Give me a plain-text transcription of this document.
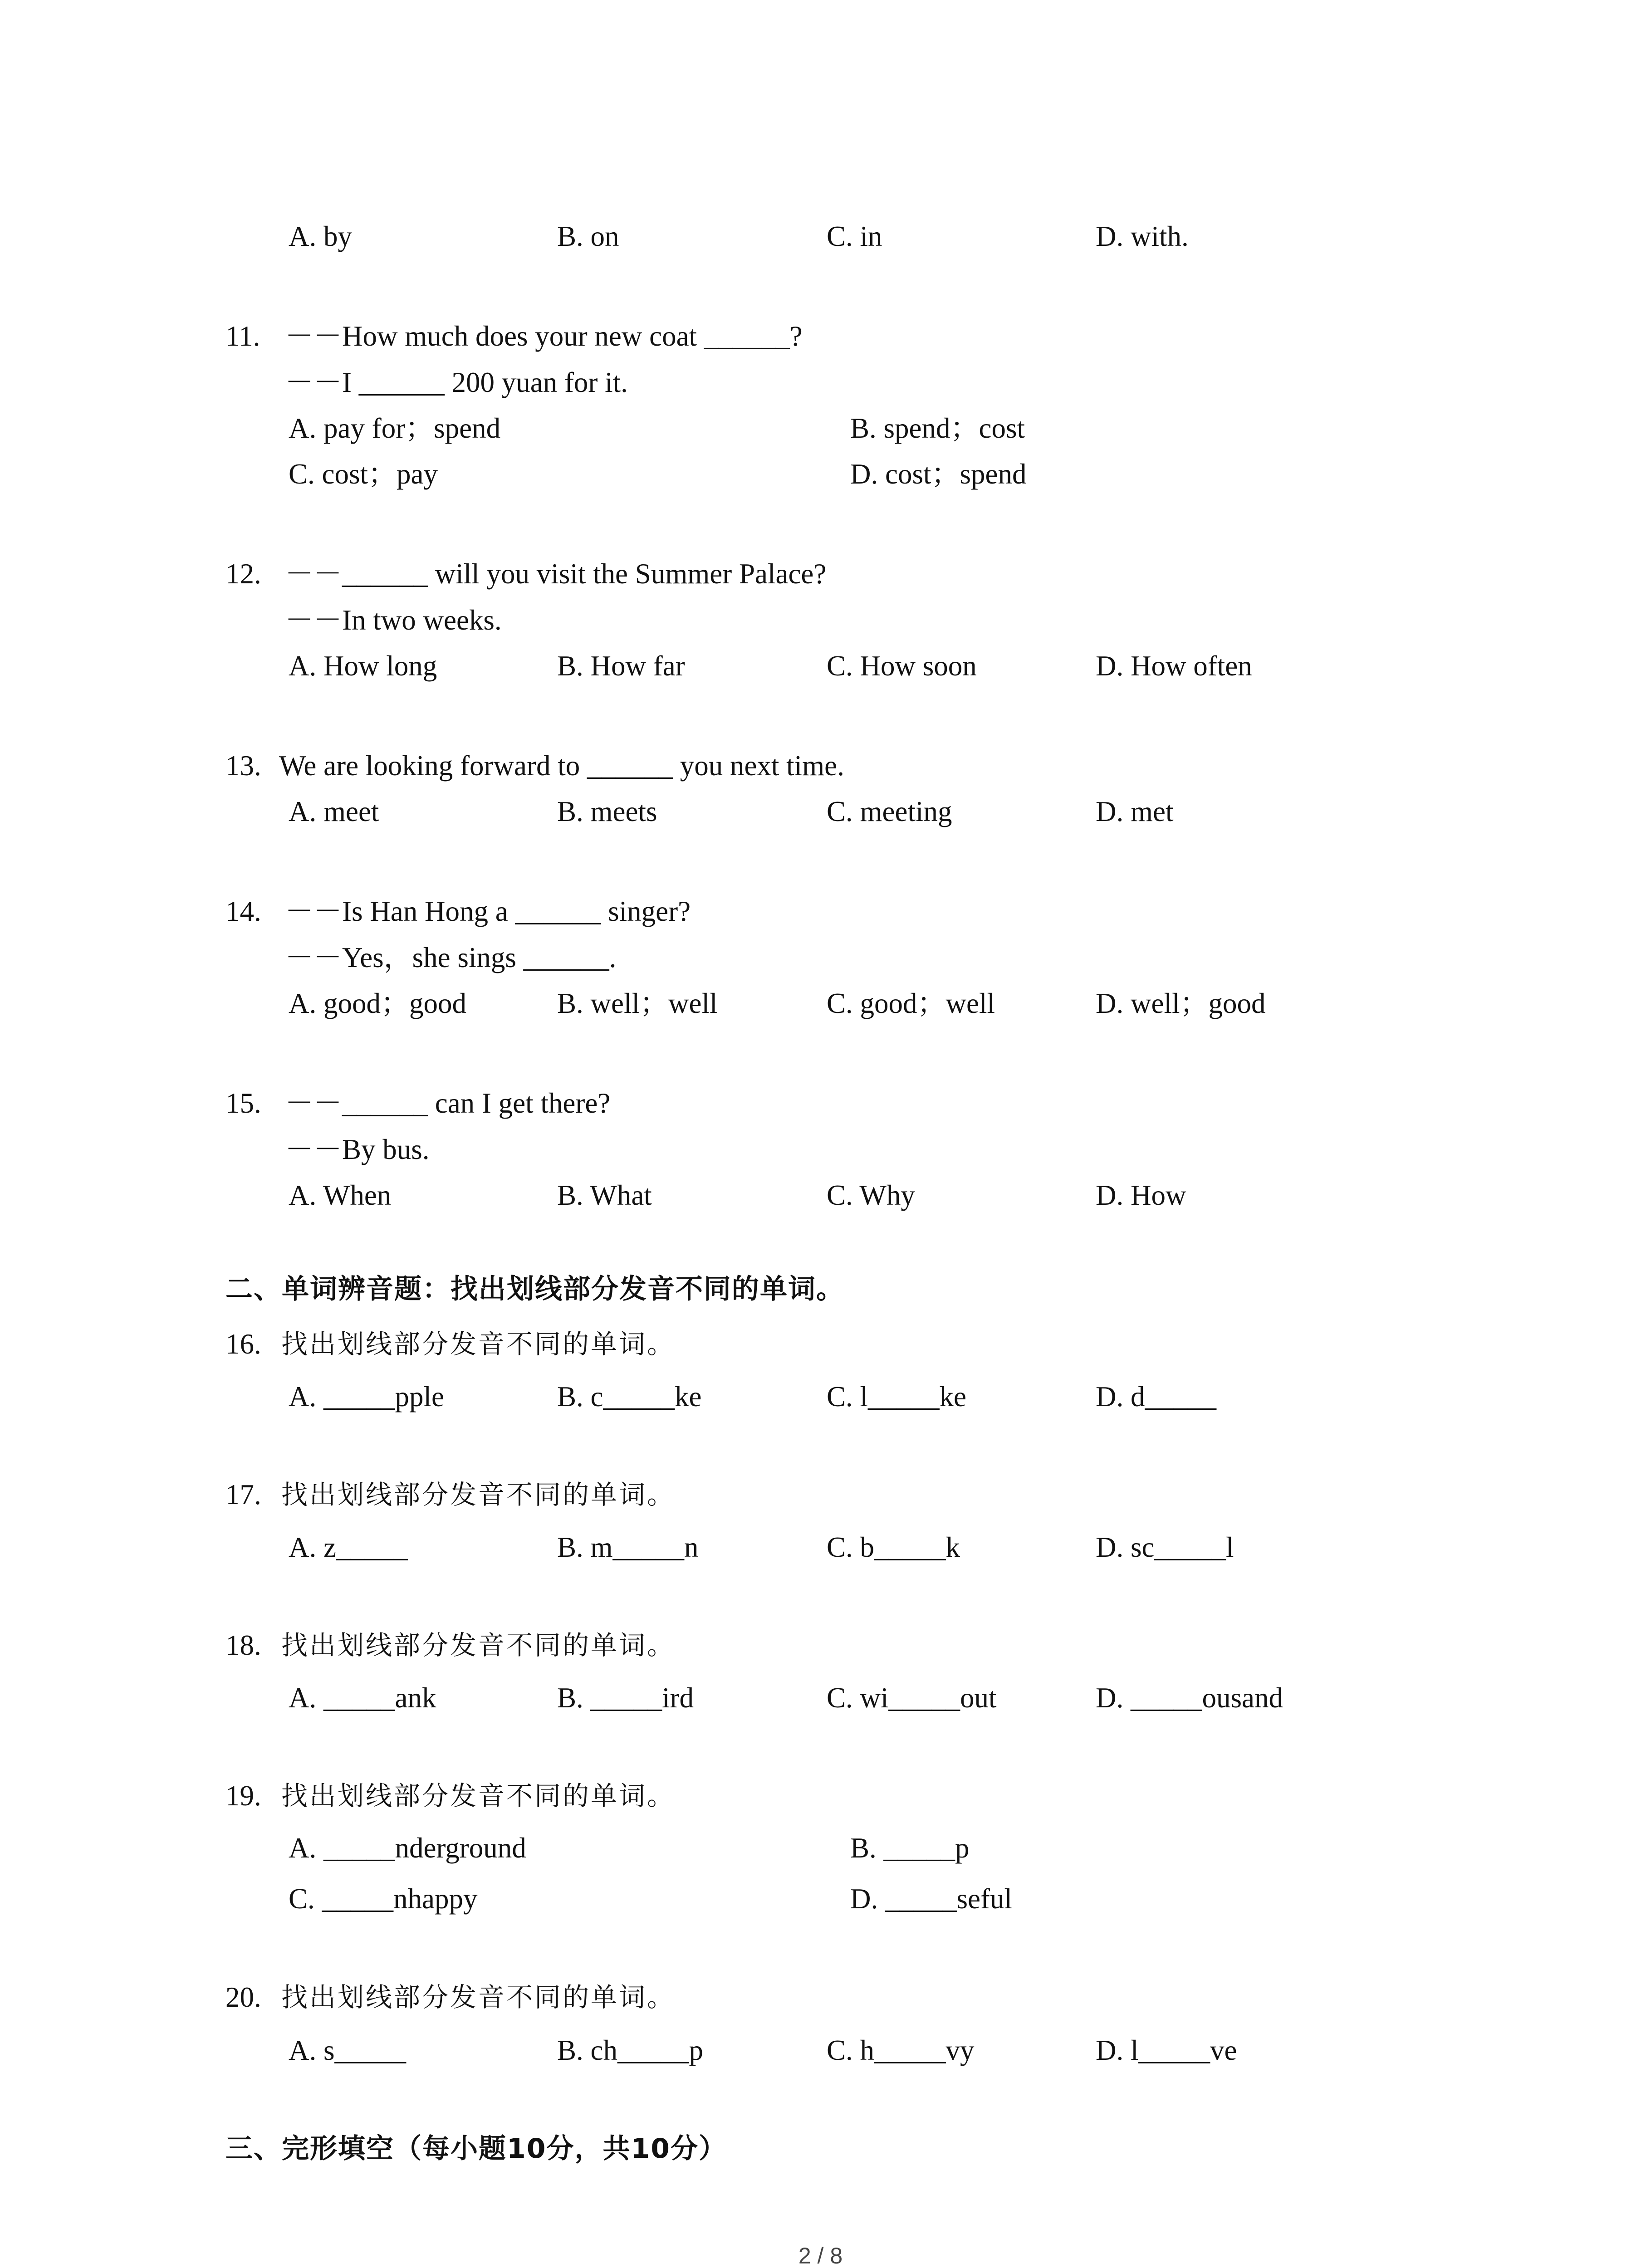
A. by	B. on	C. in	D. with.
11. －－How much does your new coat ______?
－－I ______ 200 yuan for it.
A. pay for；spend	B. spend；cost
C. cost；pay	D. cost；spend
12. －－______ will you visit the Summer Palace?
－－In two weeks.
A. How long	B. How far	C. How soon	D. How often
13. We are looking forward to ______ you next time.
A. meet	B. meets	C. meeting	D. met
14. －－Is Han Hong a ______ singer?
－－Yes，she sings ______.
A. good；good	B. well；well	C. good；well	D. well；good
15. －－______ can I get there?
－－By bus.
A. When	B. What	C. Why	D. How
二、单词辨音题：找出划线部分发音不同的单词。
16. 找出划线部分发音不同的单词。
A. _____pple	B. c_____ke	C. l_____ke	D. d_____
17. 找出划线部分发音不同的单词。
A. z_____	B. m_____n	C. b_____k	D. sc_____l
18. 找出划线部分发音不同的单词。
A. _____ank	B. _____ird	C. wi_____out	D. _____ousand
19. 找出划线部分发音不同的单词。
A. _____nderground	B. _____p
C. _____nhappy	D. _____seful
20. 找出划线部分发音不同的单词。
A. s_____	B. ch_____p	C. h_____vy	D. l_____ve
三、完形填空（每小题10分，共10分）
2 / 8
